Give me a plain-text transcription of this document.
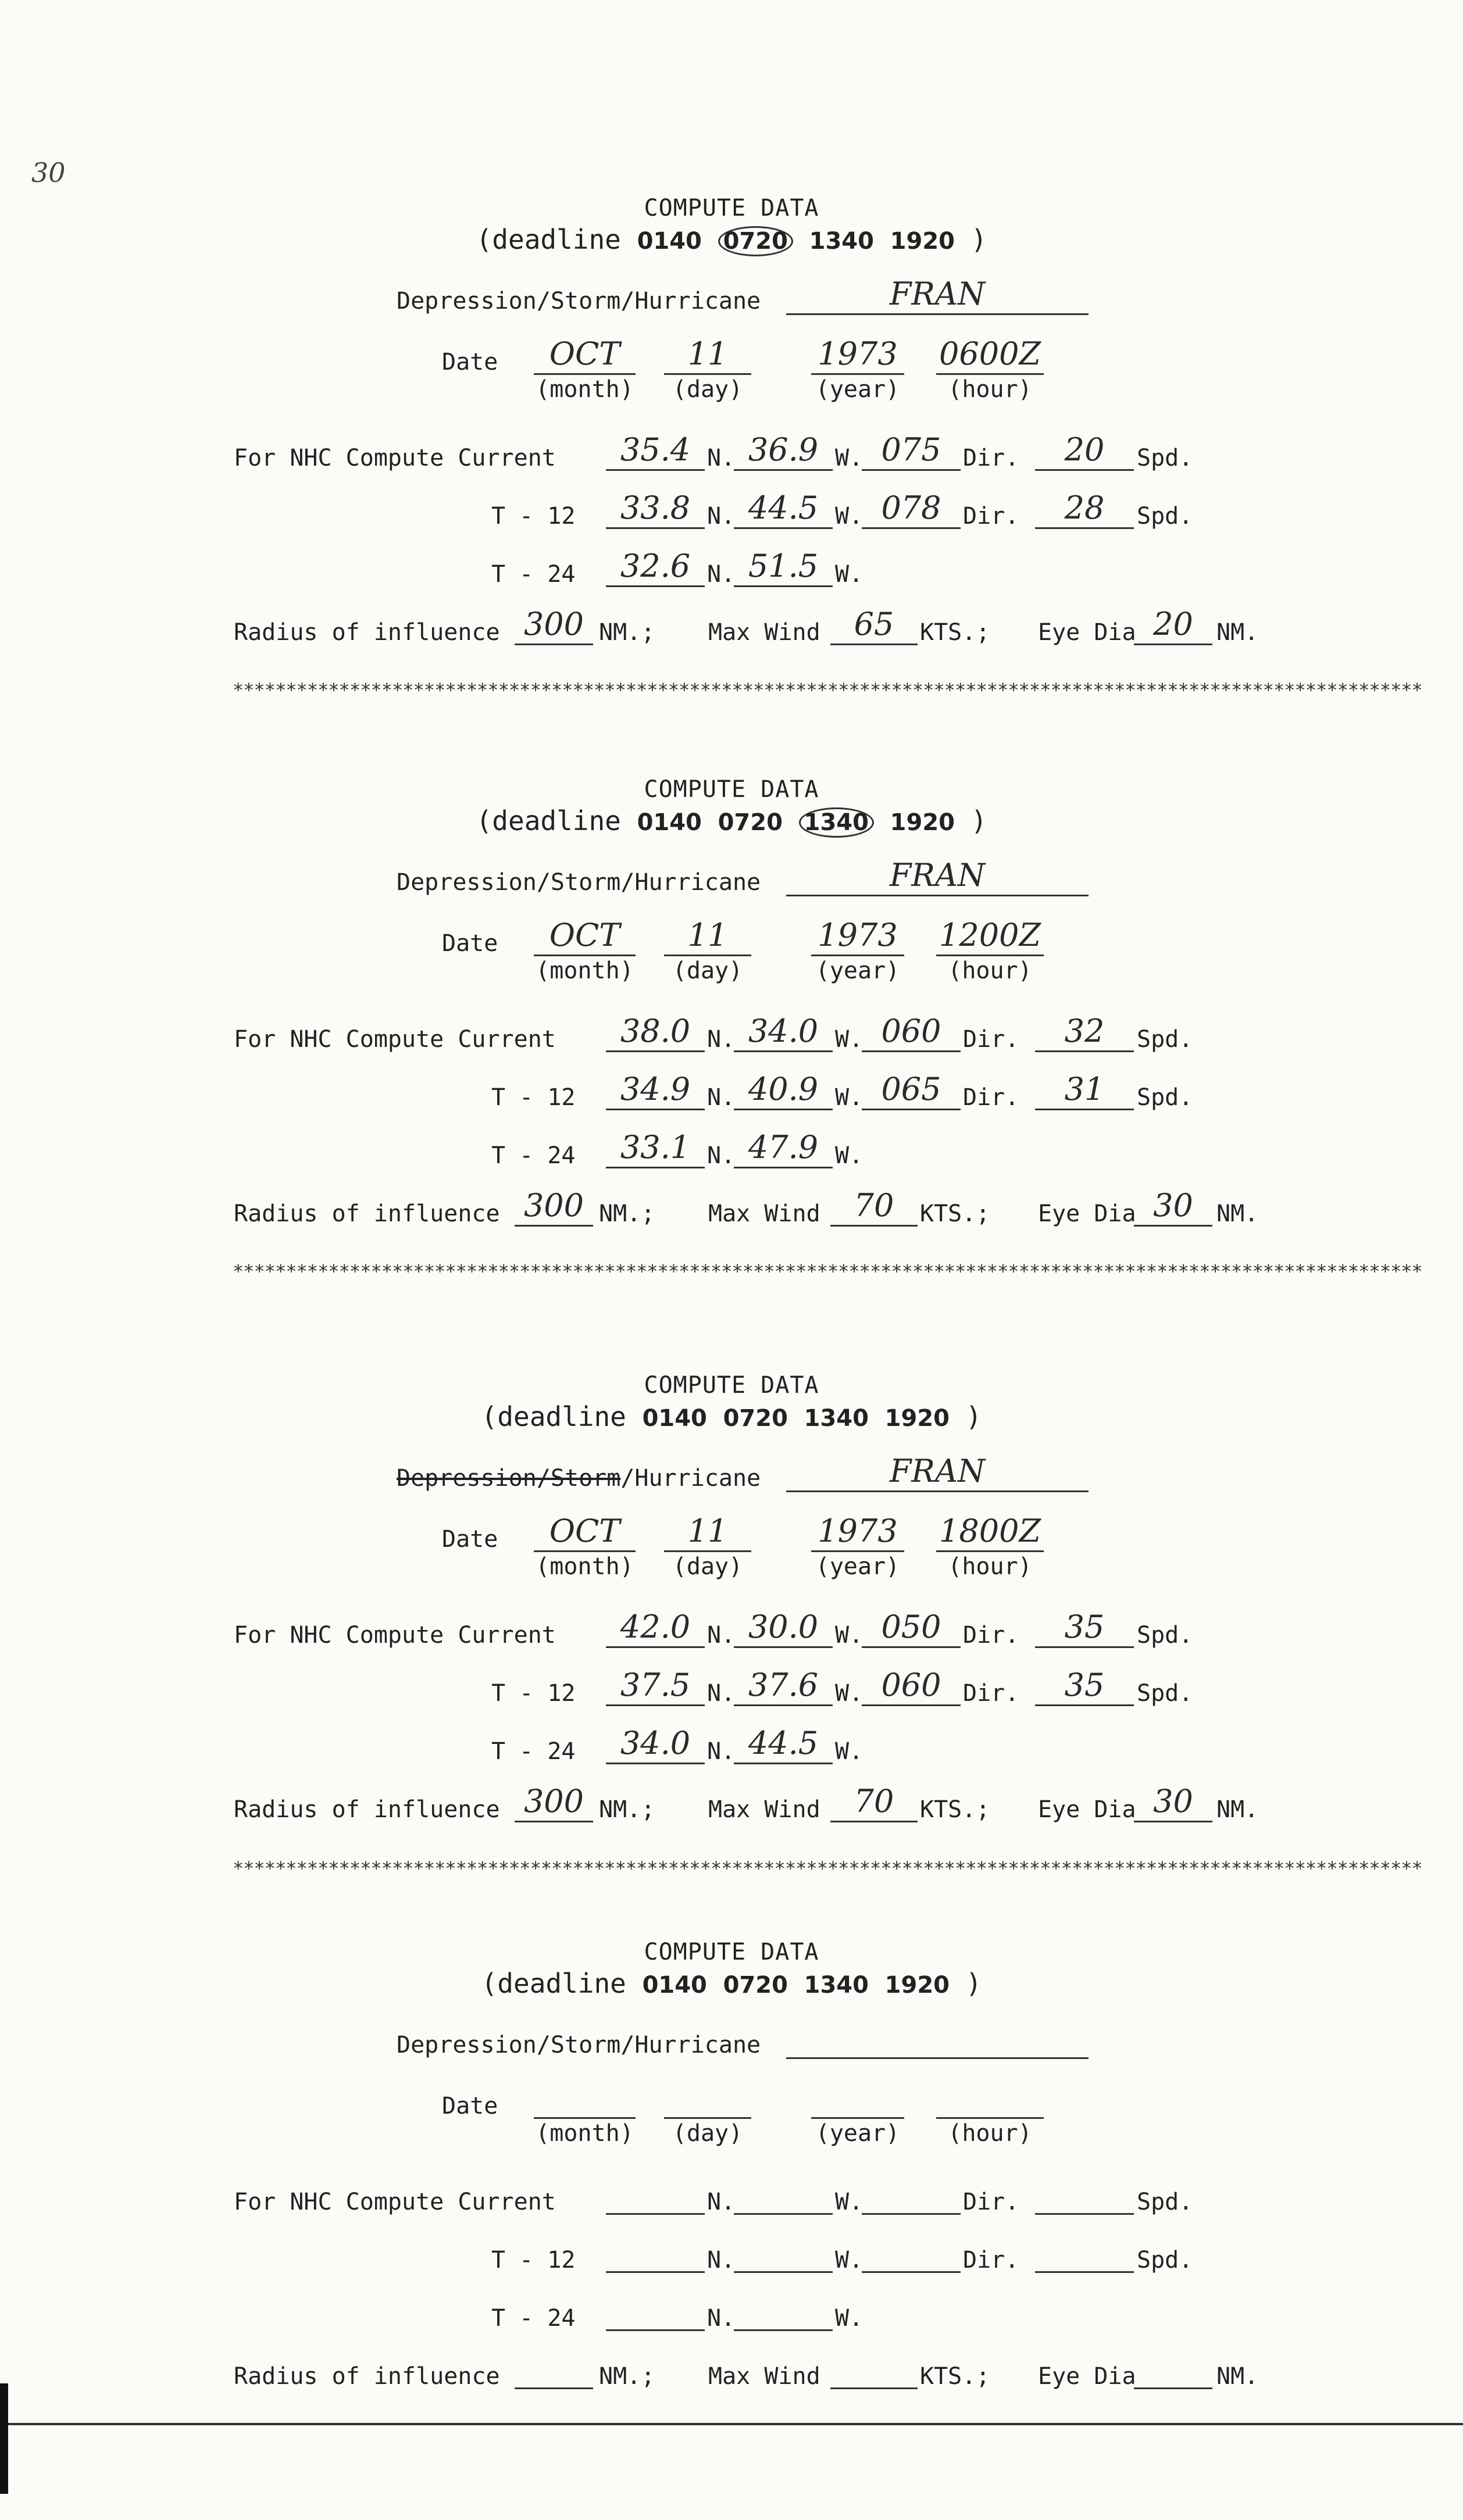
30
COMPUTE DATA
(deadline 0140 0720 1340 1920 )
Depression/Storm/Hurricane	FRAN
Date	OCT	11	1973 0600Z
(month)	(day)	(year)	(hour)
For NHC Compute Current	35.4 N. 36.9 W. 075 Dir.	20	Spd.
T - 12	33.8 N. 44.5 W. 078 Dir.	28	Spd.
T - 24	32.6 N. 51.5 W.
Radius of influence 300 NM.; Max Wind	65	KTS.; Eye Dia 20	NM.
COMPUTE DATA
(deadline 0140 0720 1340 1920 )
Depression/Storm/Hurricane	FRAN
Date	OCT	11	1973 1200Z
(month)	(day)	(year)	(hour)
For NHC Compute Current	38.0 N. 34.0 W. 060 Dir.	32	Spd.
T - 12	34.9 N. 40.9 W. 065 Dir.	31	Spd.
T - 24	33.1 N. 47.9 W.
Radius of influence 300 NM.; Max Wind	70	KTS.; Eye Dia 30	NM.
COMPUTE DATA
(deadline 0140 0720 1340 1920 )
Depression/Storm/Hurricane	FRAN
Date	OCT	11	1973 1800Z
(month)	(day)	(year)	(hour)
For NHC Compute Current	42.0 N. 30.0 W. 050 Dir.	35	Spd.
T - 12	37.5 N. 37.6 W. 060 Dir.	35	Spd.
T - 24	34.0 N. 44.5 W.
Radius of influence 300 NM.; Max Wind	70	KTS.; Eye Dia 30	NM.
COMPUTE DATA
(deadline 0140 0720 1340 1920 )
Depression/Storm/Hurricane
Date
(month)	(day)	(year)	(hour)
For NHC Compute Current	N.	W.	Dir.	Spd.
T - 12	N.	W.	Dir.	Spd.
T - 24	N.	W.
Radius of influence	NM.; Max Wind	KTS.; Eye Dia	NM.
****************************************************************************************************************
****************************************************************************************************************
****************************************************************************************************************
